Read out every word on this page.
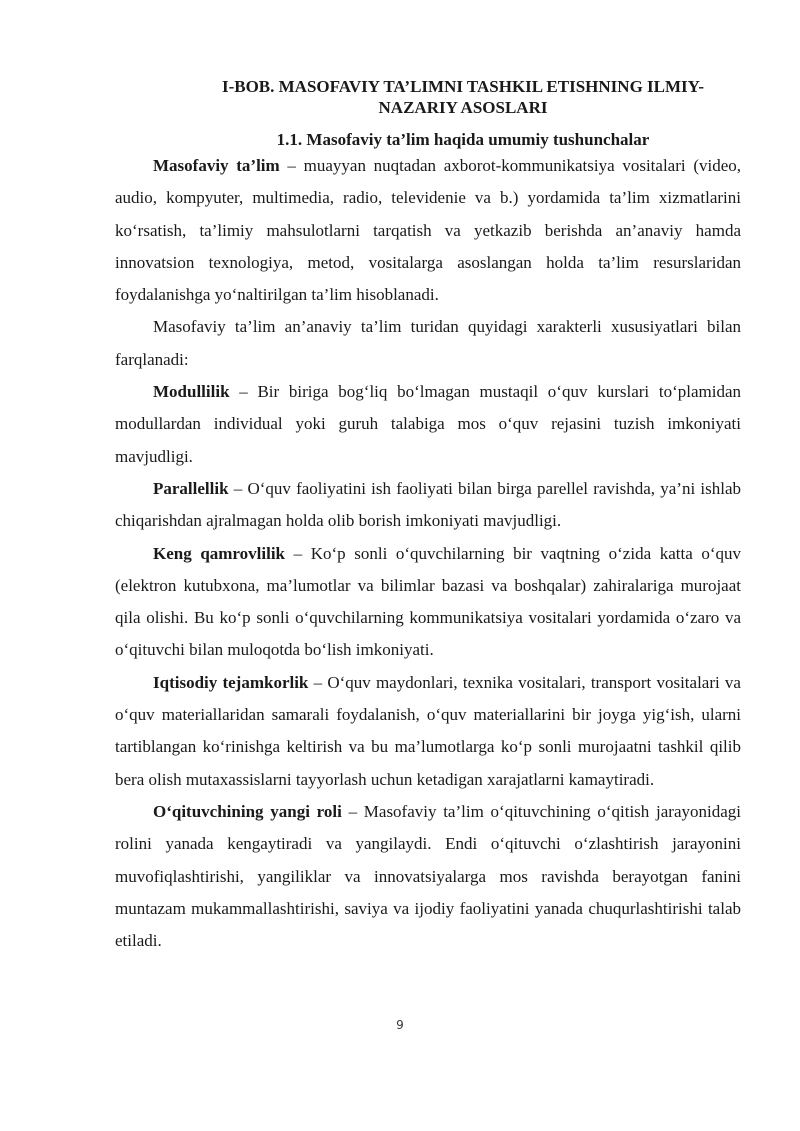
I-BOB. MASOFAVIY TA’LIMNI TASHKIL ETISHNING ILMIY-NAZARIY ASOSLARI
1.1. Masofaviy ta’lim haqida umumiy tushunchalar

Masofaviy ta’lim – muayyan nuqtadan axborot-kommunikatsiya vositalari (video, audio, kompyuter, multimedia, radio, televidenie va b.) yordamida ta’lim xizmatlarini ko‘rsatish, ta’limiy mahsulotlarni tarqatish va yetkazib berishda an’anaviy hamda innovatsion texnologiya, metod, vositalarga asoslangan holda ta’lim resurslaridan foydalanishga yo‘naltirilgan ta’lim hisoblanadi.

Masofaviy ta’lim an’anaviy ta’lim turidan quyidagi xarakterli xususiyatlari bilan farqlanadi:

Modullilik – Bir biriga bog‘liq bo‘lmagan mustaqil o‘quv kurslari to‘plamidan modullardan individual yoki guruh talabiga mos o‘quv rejasini tuzish imkoniyati mavjudligi.

Parallellik – O‘quv faoliyatini ish faoliyati bilan birga parellel ravishda, ya’ni ishlab chiqarishdan ajralmagan holda olib borish imkoniyati mavjudligi.

Keng qamrovlilik – Ko‘p sonli o‘quvchilarning bir vaqtning o‘zida katta o‘quv (elektron kutubxona, ma’lumotlar va bilimlar bazasi va boshqalar) zahiralariga murojaat qila olishi. Bu ko‘p sonli o‘quvchilarning kommunikatsiya vositalari yordamida o‘zaro va o‘qituvchi bilan muloqotda bo‘lish imkoniyati.

Iqtisodiy tejamkorlik – O‘quv maydonlari, texnika vositalari, transport vositalari va o‘quv materiallaridan samarali foydalanish, o‘quv materiallarini bir joyga yig‘ish, ularni tartiblangan ko‘rinishga keltirish va bu ma’lumotlarga ko‘p sonli murojaatni tashkil qilib bera olish mutaxassislarni tayyorlash uchun ketadigan xarajatlarni kamaytiradi.

O‘qituvchining yangi roli – Masofaviy ta’lim o‘qituvchining o‘qitish jarayonidagi rolini yanada kengaytiradi va yangilaydi. Endi o‘qituvchi o‘zlashtirish jarayonini muvofiqlashtirishi, yangiliklar va innovatsiyalarga mos ravishda berayotgan fanini muntazam mukammallashtirishi, saviya va ijodiy faoliyatini yanada chuqurlashtirishi talab etiladi.

9
